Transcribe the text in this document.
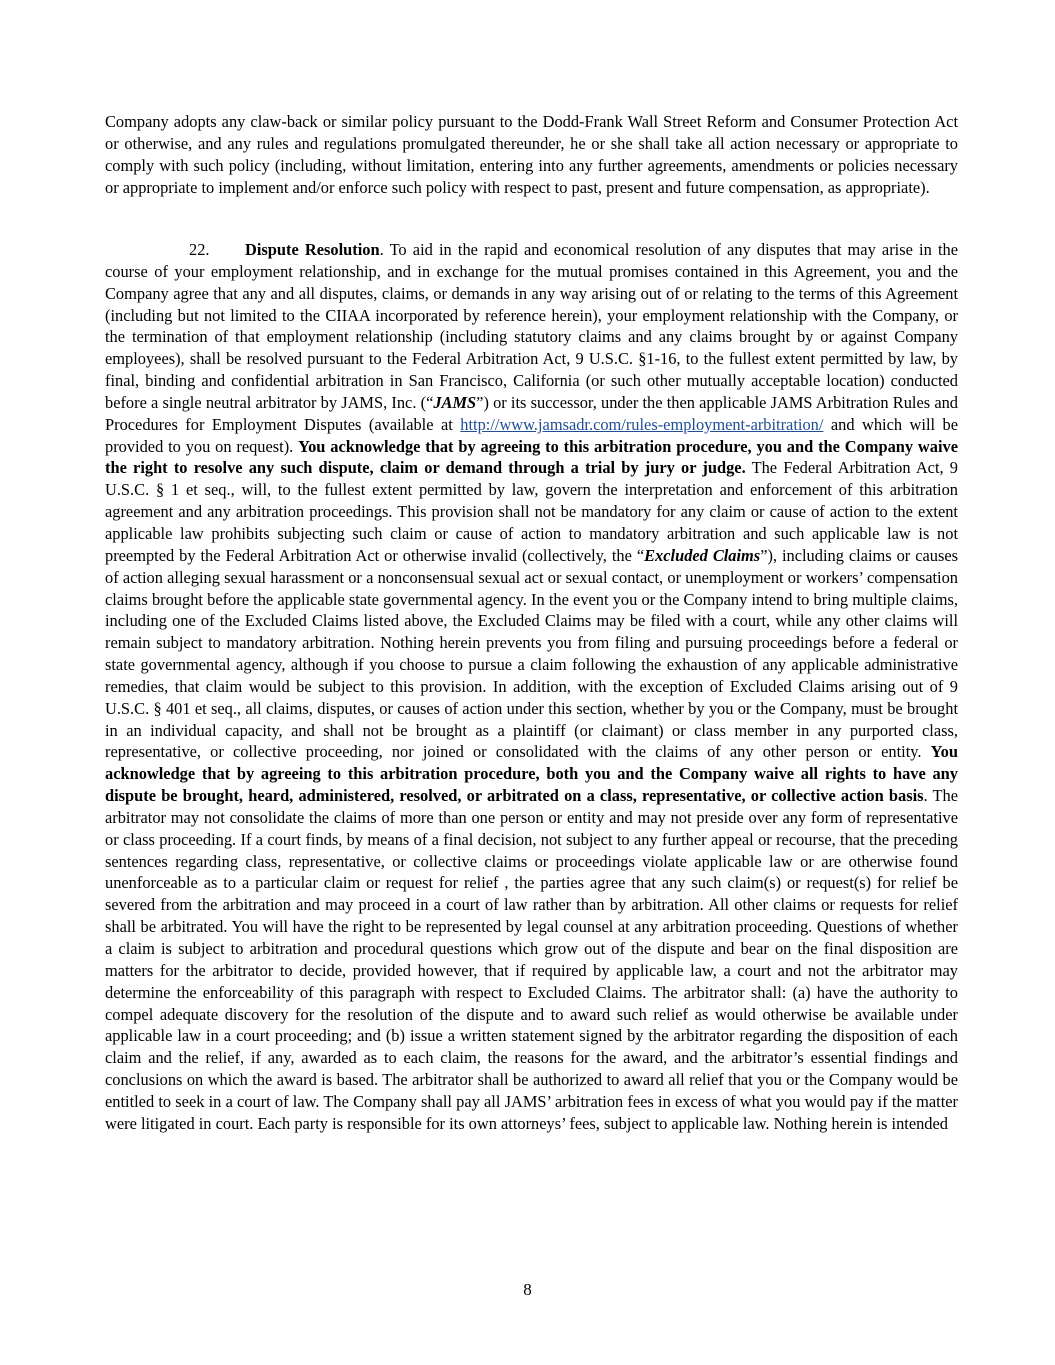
Company adopts any claw-back or similar policy pursuant to the Dodd-Frank Wall Street Reform and Consumer Protection Act or otherwise, and any rules and regulations promulgated thereunder, he or she shall take all action necessary or appropriate to comply with such policy (including, without limitation, entering into any further agreements, amendments or policies necessary or appropriate to implement and/or enforce such policy with respect to past, present and future compensation, as appropriate).

22. Dispute Resolution. To aid in the rapid and economical resolution of any disputes that may arise in the course of your employment relationship, and in exchange for the mutual promises contained in this Agreement, you and the Company agree that any and all disputes, claims, or demands in any way arising out of or relating to the terms of this Agreement (including but not limited to the CIIAA incorporated by reference herein), your employment relationship with the Company, or the termination of that employment relationship (including statutory claims and any claims brought by or against Company employees), shall be resolved pursuant to the Federal Arbitration Act, 9 U.S.C. §1-16, to the fullest extent permitted by law, by final, binding and confidential arbitration in San Francisco, California (or such other mutually acceptable location) conducted before a single neutral arbitrator by JAMS, Inc. (“JAMS”) or its successor, under the then applicable JAMS Arbitration Rules and Procedures for Employment Disputes (available at http://www.jamsadr.com/rules-employment-arbitration/ and which will be provided to you on request). You acknowledge that by agreeing to this arbitration procedure, you and the Company waive the right to resolve any such dispute, claim or demand through a trial by jury or judge. The Federal Arbitration Act, 9 U.S.C. § 1 et seq., will, to the fullest extent permitted by law, govern the interpretation and enforcement of this arbitration agreement and any arbitration proceedings. This provision shall not be mandatory for any claim or cause of action to the extent applicable law prohibits subjecting such claim or cause of action to mandatory arbitration and such applicable law is not preempted by the Federal Arbitration Act or otherwise invalid (collectively, the “Excluded Claims”), including claims or causes of action alleging sexual harassment or a nonconsensual sexual act or sexual contact, or unemployment or workers’ compensation claims brought before the applicable state governmental agency. In the event you or the Company intend to bring multiple claims, including one of the Excluded Claims listed above, the Excluded Claims may be filed with a court, while any other claims will remain subject to mandatory arbitration. Nothing herein prevents you from filing and pursuing proceedings before a federal or state governmental agency, although if you choose to pursue a claim following the exhaustion of any applicable administrative remedies, that claim would be subject to this provision. In addition, with the exception of Excluded Claims arising out of 9 U.S.C. § 401 et seq., all claims, disputes, or causes of action under this section, whether by you or the Company, must be brought in an individual capacity, and shall not be brought as a plaintiff (or claimant) or class member in any purported class, representative, or collective proceeding, nor joined or consolidated with the claims of any other person or entity. You acknowledge that by agreeing to this arbitration procedure, both you and the Company waive all rights to have any dispute be brought, heard, administered, resolved, or arbitrated on a class, representative, or collective action basis. The arbitrator may not consolidate the claims of more than one person or entity and may not preside over any form of representative or class proceeding. If a court finds, by means of a final decision, not subject to any further appeal or recourse, that the preceding sentences regarding class, representative, or collective claims or proceedings violate applicable law or are otherwise found unenforceable as to a particular claim or request for relief , the parties agree that any such claim(s) or request(s) for relief be severed from the arbitration and may proceed in a court of law rather than by arbitration. All other claims or requests for relief shall be arbitrated. You will have the right to be represented by legal counsel at any arbitration proceeding. Questions of whether a claim is subject to arbitration and procedural questions which grow out of the dispute and bear on the final disposition are matters for the arbitrator to decide, provided however, that if required by applicable law, a court and not the arbitrator may determine the enforceability of this paragraph with respect to Excluded Claims. The arbitrator shall: (a) have the authority to compel adequate discovery for the resolution of the dispute and to award such relief as would otherwise be available under applicable law in a court proceeding; and (b) issue a written statement signed by the arbitrator regarding the disposition of each claim and the relief, if any, awarded as to each claim, the reasons for the award, and the arbitrator’s essential findings and conclusions on which the award is based. The arbitrator shall be authorized to award all relief that you or the Company would be entitled to seek in a court of law. The Company shall pay all JAMS’ arbitration fees in excess of what you would pay if the matter were litigated in court. Each party is responsible for its own attorneys’ fees, subject to applicable law. Nothing herein is intended

8
